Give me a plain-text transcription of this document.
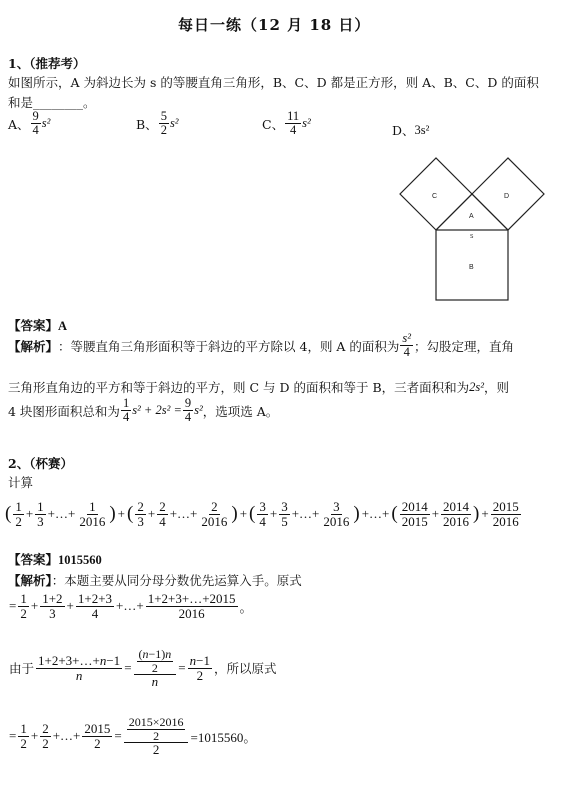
每日一练（12 月 18 日）
1、（推荐考）
如图所示，A 为斜边长为 s 的等腰直角三角形，B、C、D 都是正方形，则 A、B、C、D 的面积
和是________。
A、 $\frac{9}{4} s^2$	B、 $\frac{5}{2} s^2$	C、 $\frac{11}{4} s^2$	D、 3s²
C	D
A
S
B
【答案】A
【解析】 ：等腰直角三角形面积等于斜边的平方除以 4，则 A 的面积为 $\frac{\text{s²}}{4}$ ；勾股定理，直角
三角形直角边的平方和等于斜边的平方，则 C 与 D 的面积和等于 B，三者面积和为 2s² ，则
4 块图形面积总和为 $\frac{1}{4} s^2 + 2s^2 = \frac{9}{4} s^2$ ，选项选 A。
2、（杯赛）
计算
( $\frac{1}{2} + \frac{1}{3}$ +…+ $\frac{1}{2016}$ ) + ( $\frac{2}{3} + \frac{2}{4}$ +…+ $\frac{2}{2016}$ ) + ( $\frac{3}{4} + \frac{3}{5}$ +…+ $\frac{3}{2016}$ ) +…+ ( $\frac{2014}{2015} + \frac{2014}{2016}$ ) + $\frac{2015}{2016}$
【答案】1015560
【解析】：本题主要从同分母分数优先运算入手。原式
= $\frac{1}{2} + \frac{1+2}{3} + \frac{1+2+3}{4}$ +…+ $\frac{1+2+3+\dots+2015}{2016}$ 。
由于 $\frac{1+2+3+\dots+n-1}{n} = \frac{\frac{(n-1)n}{2}}{n} = \frac{n-1}{2}$ ，所以原式
= $\frac{1}{2} + \frac{2}{2}$ +…+ $\frac{2015}{2} = \frac{\frac{2015\times 2016}{2}}{2} =1015560$。
